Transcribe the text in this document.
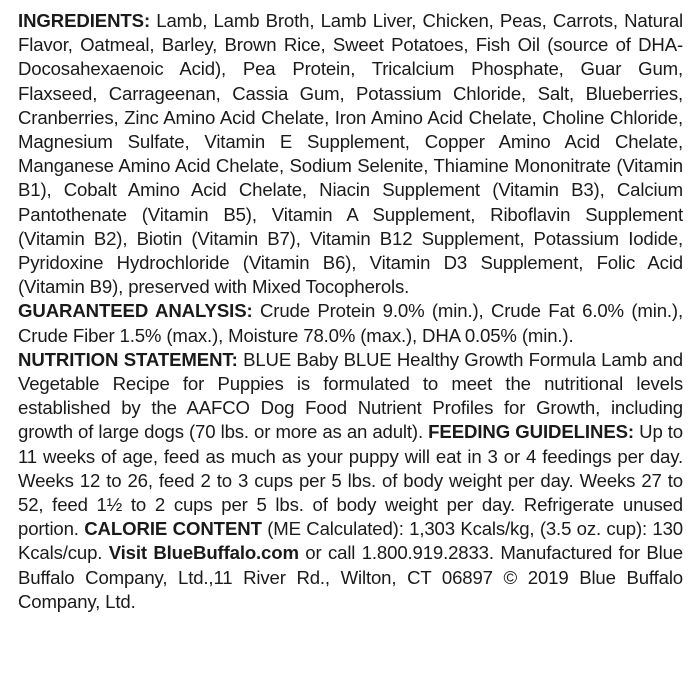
INGREDIENTS: Lamb, Lamb Broth, Lamb Liver, Chicken, Peas, Carrots, Natural Flavor, Oatmeal, Barley, Brown Rice, Sweet Potatoes, Fish Oil (source of DHA-Docosahexaenoic Acid), Pea Protein, Tricalcium Phosphate, Guar Gum, Flaxseed, Carrageenan, Cassia Gum, Potassium Chloride, Salt, Blueberries, Cranberries, Zinc Amino Acid Chelate, Iron Amino Acid Chelate, Choline Chloride, Magnesium Sulfate, Vitamin E Supplement, Copper Amino Acid Chelate, Manganese Amino Acid Chelate, Sodium Selenite, Thiamine Mononitrate (Vitamin B1), Cobalt Amino Acid Chelate, Niacin Supplement (Vitamin B3), Calcium Pantothenate (Vitamin B5), Vitamin A Supplement, Riboflavin Supplement (Vitamin B2), Biotin (Vitamin B7), Vitamin B12 Supplement, Potassium Iodide, Pyridoxine Hydrochloride (Vitamin B6), Vitamin D3 Supplement, Folic Acid (Vitamin B9), preserved with Mixed Tocopherols.

GUARANTEED ANALYSIS: Crude Protein 9.0% (min.), Crude Fat 6.0% (min.), Crude Fiber 1.5% (max.), Moisture 78.0% (max.), DHA 0.05% (min.).

NUTRITION STATEMENT: BLUE Baby BLUE Healthy Growth Formula Lamb and Vegetable Recipe for Puppies is formulated to meet the nutritional levels established by the AAFCO Dog Food Nutrient Profiles for Growth, including growth of large dogs (70 lbs. or more as an adult). FEEDING GUIDELINES: Up to 11 weeks of age, feed as much as your puppy will eat in 3 or 4 feedings per day. Weeks 12 to 26, feed 2 to 3 cups per 5 lbs. of body weight per day. Weeks 27 to 52, feed 1½ to 2 cups per 5 lbs. of body weight per day. Refrigerate unused portion. CALORIE CONTENT (ME Calculated): 1,303 Kcals/kg, (3.5 oz. cup): 130 Kcals/cup. Visit BlueBuffalo.com or call 1.800.919.2833. Manufactured for Blue Buffalo Company, Ltd.,11 River Rd., Wilton, CT 06897 © 2019 Blue Buffalo Company, Ltd.
